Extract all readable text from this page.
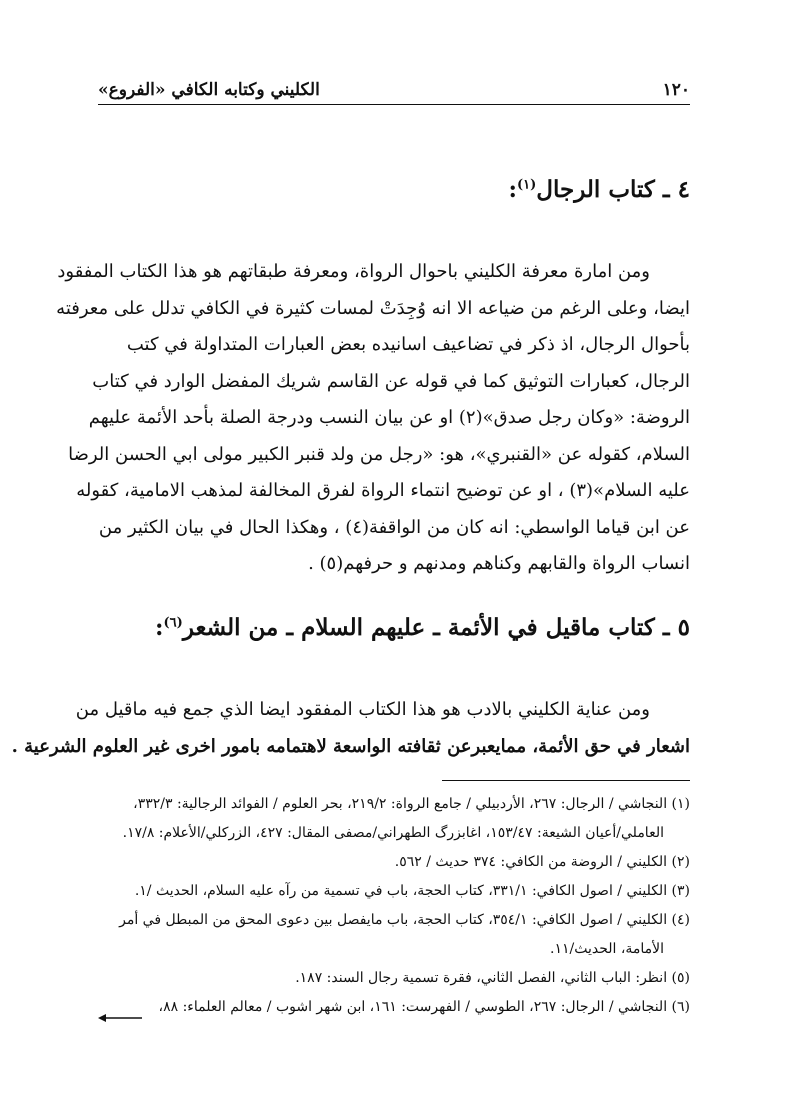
١٢٠
الكليني وكتابه الكافي «الفروع»
٤ ـ كتاب الرجال$^{(١)}$:
ومن امارة معرفة الكليني باحوال الرواة، ومعرفة طبقاتهم هو هذا الكتاب المفقود
ايضا، وعلى الرغم من ضياعه الا انه وُجِدَتْ لمسات كثيرة في الكافي تدلل على معرفته
بأحوال الرجال، اذ ذكر في تضاعيف اسانيده بعض العبارات المتداولة في كتب
الرجال، كعبارات التوثيق كما في قوله عن القاسم شريك المفضل الوارد في كتاب
الروضة: «وكان رجل صدق»(٢) او عن بيان النسب ودرجة الصلة بأحد الأئمة عليهم
السلام، كقوله عن «القنبري»، هو: «رجل من ولد قنبر الكبير مولى ابي الحسن الرضا
عليه السلام»(٣) ، او عن توضيح انتماء الرواة لفرق المخالفة لمذهب الامامية، كقوله
عن ابن قياما الواسطي: انه كان من الواقفة(٤) ، وهكذا الحال في بيان الكثير من
انساب الرواة والقابهم وكناهم ومدنهم و حرفهم(٥) .
٥ ـ كتاب ماقيل في الأئمة ـ عليهم السلام ـ من الشعر$^{(٦)}$:
ومن عناية الكليني بالادب هو هذا الكتاب المفقود ايضا الذي جمع فيه ماقيل من
اشعار في حق الأئمة، ممايعبرعن ثقافته الواسعة لاهتمامه بامور اخرى غير العلوم الشرعية .
(١) النجاشي / الرجال: ٢٦٧، الأردبيلي / جامع الرواة: ٢١٩/٢، بحر العلوم / الفوائد الرجالية: ٣٣٢/٣،
العاملي/أعيان الشيعة: ١٥٣/٤٧، اغابزرگ الطهراني/مصفى المقال: ٤٢٧، الزركلي/الأعلام: ١٧/٨.
(٢) الكليني / الروضة من الكافي: ٣٧٤ حديث / ٥٦٢.
(٣) الكليني / اصول الكافي: ٣٣١/١، كتاب الحجة، باب في تسمية من رآه عليه السلام، الحديث /١.
(٤) الكليني / اصول الكافي: ٣٥٤/١، كتاب الحجة، باب مايفصل بين دعوى المحق من المبطل في أمر
الأمامة، الحديث/١١.
(٥) انظر: الباب الثاني، الفصل الثاني، فقرة تسمية رجال السند: ١٨٧.
(٦) النجاشي / الرجال: ٢٦٧، الطوسي / الفهرست: ١٦١، ابن شهر اشوب / معالم العلماء: ٨٨،
